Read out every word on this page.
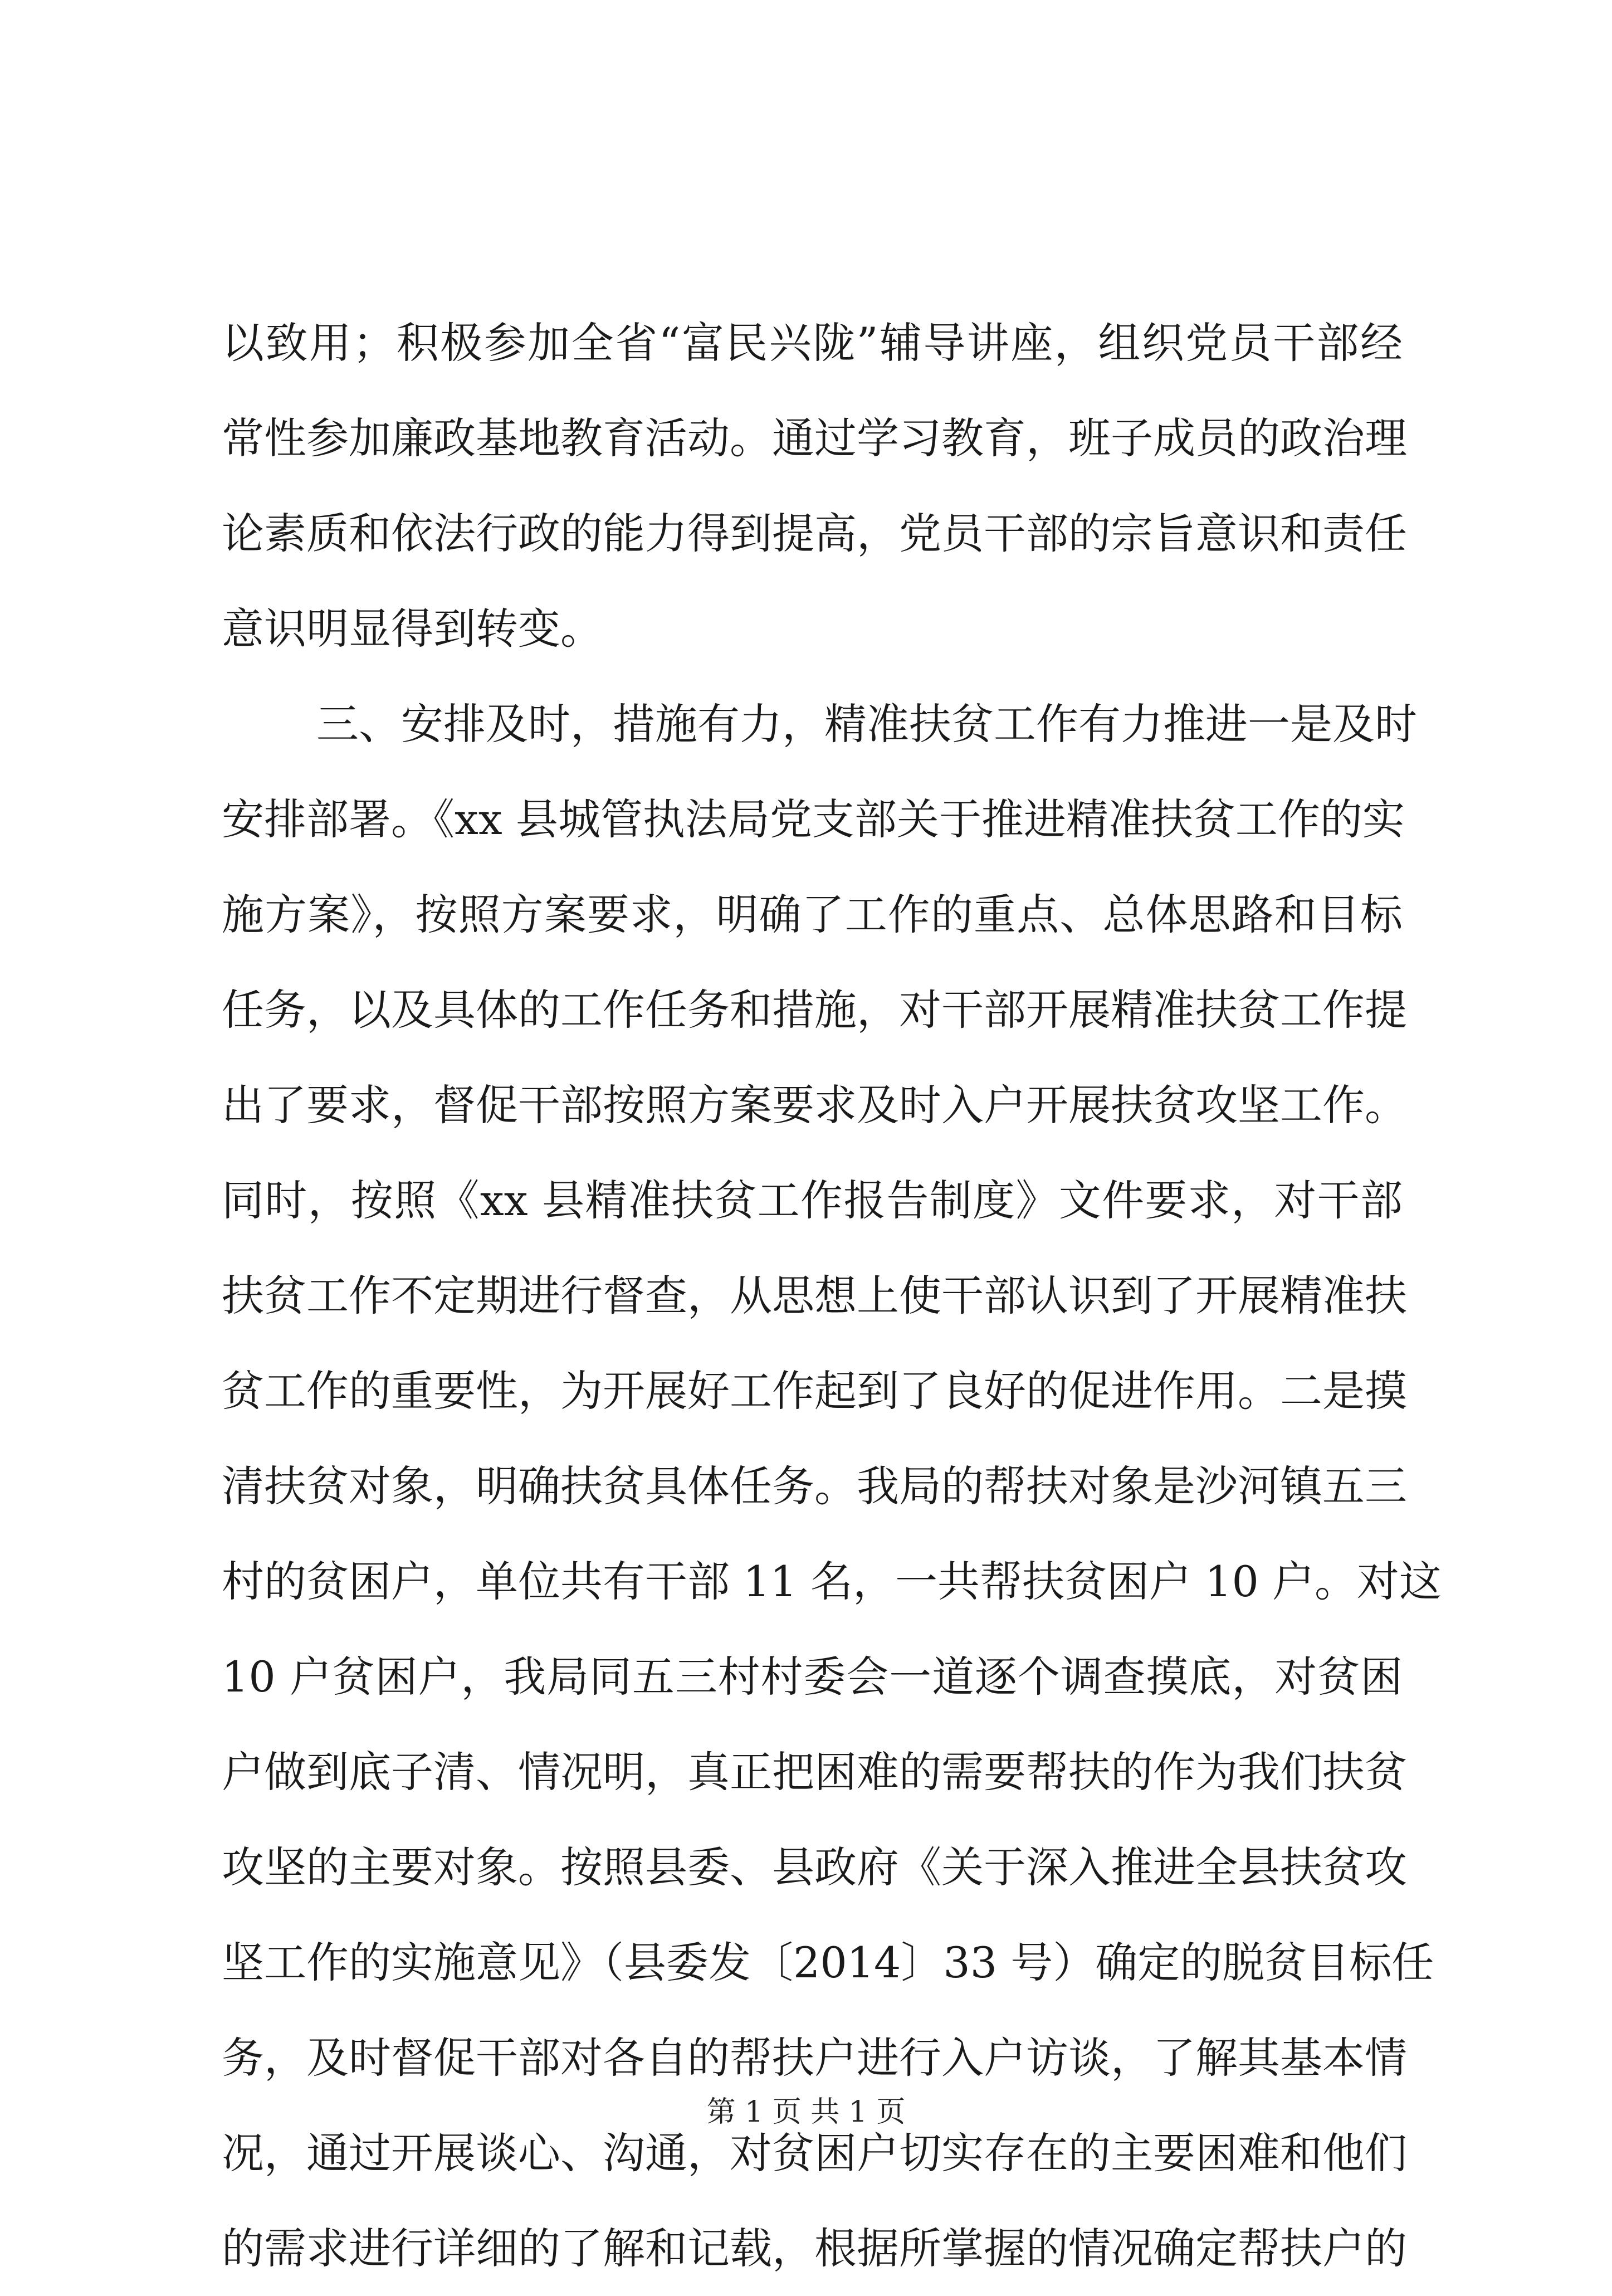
以致用；积极参加全省“富民兴陇”辅导讲座，组织党员干部经
常性参加廉政基地教育活动。通过学习教育，班子成员的政治理
论素质和依法行政的能力得到提高，党员干部的宗旨意识和责任
意识明显得到转变。
三、安排及时，措施有力，精准扶贫工作有力推进一是及时
安排部署。《xx 县城管执法局党支部关于推进精准扶贫工作的实
施方案》，按照方案要求，明确了工作的重点、总体思路和目标
任务，以及具体的工作任务和措施，对干部开展精准扶贫工作提
出了要求，督促干部按照方案要求及时入户开展扶贫攻坚工作。
同时，按照《xx 县精准扶贫工作报告制度》文件要求，对干部
扶贫工作不定期进行督查，从思想上使干部认识到了开展精准扶
贫工作的重要性，为开展好工作起到了良好的促进作用。二是摸
清扶贫对象，明确扶贫具体任务。我局的帮扶对象是沙河镇五三
村的贫困户，单位共有干部 11 名，一共帮扶贫困户 10 户。对这
10 户贫困户，我局同五三村村委会一道逐个调查摸底，对贫困
户做到底子清、情况明，真正把困难的需要帮扶的作为我们扶贫
攻坚的主要对象。按照县委、县政府《关于深入推进全县扶贫攻
坚工作的实施意见》（县委发〔2014〕33 号）确定的脱贫目标任
务，及时督促干部对各自的帮扶户进行入户访谈，了解其基本情
况，通过开展谈心、沟通，对贫困户切实存在的主要困难和他们
的需求进行详细的了解和记载，根据所掌握的情况确定帮扶户的
第 1 页 共 1 页
